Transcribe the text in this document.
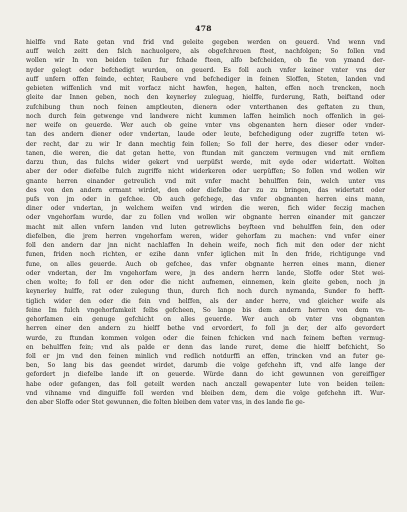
478
hielffe vnd Rate getan vnd frid vnd geleite gegeben werden on geuerd. Vnd wenn vnd
auff welch zeitt den fslch nachuolgere, als obgefchreuen fteet, nachfolgen; So follen vnd
wollen wir In von beiden teilen fur fchade fteen, alfo befcheiden, ob fie von ymand der-
nyder gelegt oder befchedigt wurden, on geuerd. Es foll auch vnfer keiner vnter vns der
auff unfern offen feinde, echter, Raubere vnd befchediger in feinen Sloffen, Steten, landen vnd
gebieten wiffenlich vnd mit vorfacz nicht hawfen, hegen, halten, effen noch trencken, noch
gleite dar Innen geben, noch den keynerley zuleguag, hielffe, furderung, Rath, beiftand oder
zufchibung thun noch feinen amptleuten, dienern oder vnterthanen des geftaten zu thun,
noch durch fein getwenge vnd landwere nicht kummen laffen heimlich noch offenlich in gei-
ner weife on geuerde. Wer auch ob geine vnter vns obgenanten hern dieser oder vnder-
tan des andern diener oder vndertan, laude oder leute, befchedigung oder zugriffe teten wi-
der recht, dar zu wir Ir dann mechtig fein follen; So foll der herre, des dieser oder vnder-
tanen, die weren, die dat getan hette, von ftundan mit ganczem vermugen vnd mit ernfiem
darzu thun, das fulchs wider gekert vnd uerpüfst werde, mit eyde oder widertatt. Wolten
aber der oder diefelbe fulch zugriffe nicht widerkeren oder uerpüffen; So follen vnd wollen wir
gnante herren einander getreulich vnd mit vnfer macht behulffen fein, welch unter vns
des von den andern ermant wirdet, den oder diefelbe dar zu zu bringen, das widertatt oder
pufs von jm oder in gefchee. Ob auch gefchege, das vnfer obgnanten herren eins mann,
diner oder vndertan, jn welchem weifen vnd wirden die weren, fich wider feczig machen
oder vngehorfam wurde, dar zu follen vnd wollen wir obgnante herren einander mit ganczer
macht mit allen vnfern landen vnd luten getrewlichs beyfteen vnd behulffen fein, den oder
diefelben, die jrem herren vngehorfam weren, wider gehorfam zu machen: vnd vnfer einer
foll den andern dar jnn nicht nachlaffen In dehein weife, noch fich mit den oder der nicht
funen, friden noch richten, er ezihe dann vnfer iglichen mit In den fride, richtigunge vnd
fune, on alles geuerde. Auch ob gefchee, das vnfer obgnante herren eines mann, diener
oder vndertan, der Im vngehorfam were, jn des andern herrn lande, Sloffe oder Stet wei-
chen wolte; fo foll er den oder die nicht aufnemen, einnemen, kein gleite geben, noch jn
keynerley hulffe, rat oder zulegung thun, durch fich noch durch nymanda, Sunder fo hefft-
tiglich wider den oder die fein vnd helffen, als der ander herre, vnd gleicher weife als
feine Im fulch vngehorfamkeit felbs gefcheen, So lange bis dem andern herren von dem vn-
gehorfamen ein genuge gefchicht on alles geuerde. Wer auch ob vnter vns obgnanten
herren einer den andern zu hielff bethe vnd ervordert, fo foll jn der, der alfo gevordert
wurde, zu ftundan kommen volgen oder die feinen fchicken vnd nach feinem beften vermug-
en behulffen fein; vnd als palde er denn das lande ruret, deme die hielff befchicht, So
foll er jm vnd den feinen minlich vnd redlich notdurffi an effen, trincken vnd an futer ge-
ben, So lang bis das geendet wirdet, darumb die volge gefchehn ift, vnd alfe lange der
gefordert jn diefelbe lande ift on geuerde. Würde dann do icht gewunnen von gereiffiger
habe oder gefangen, das foll geteilt werden nach anczall gewapenter lute von beiden teilen:
vnd vihname vnd dinguiffe foll werden vnd bleiben dem, dem die volge gefchehn ift. Wur-
den aber Sloffe oder Stet gewunnen, die folten bleiben dem vater vns, in des lande fie ge-
